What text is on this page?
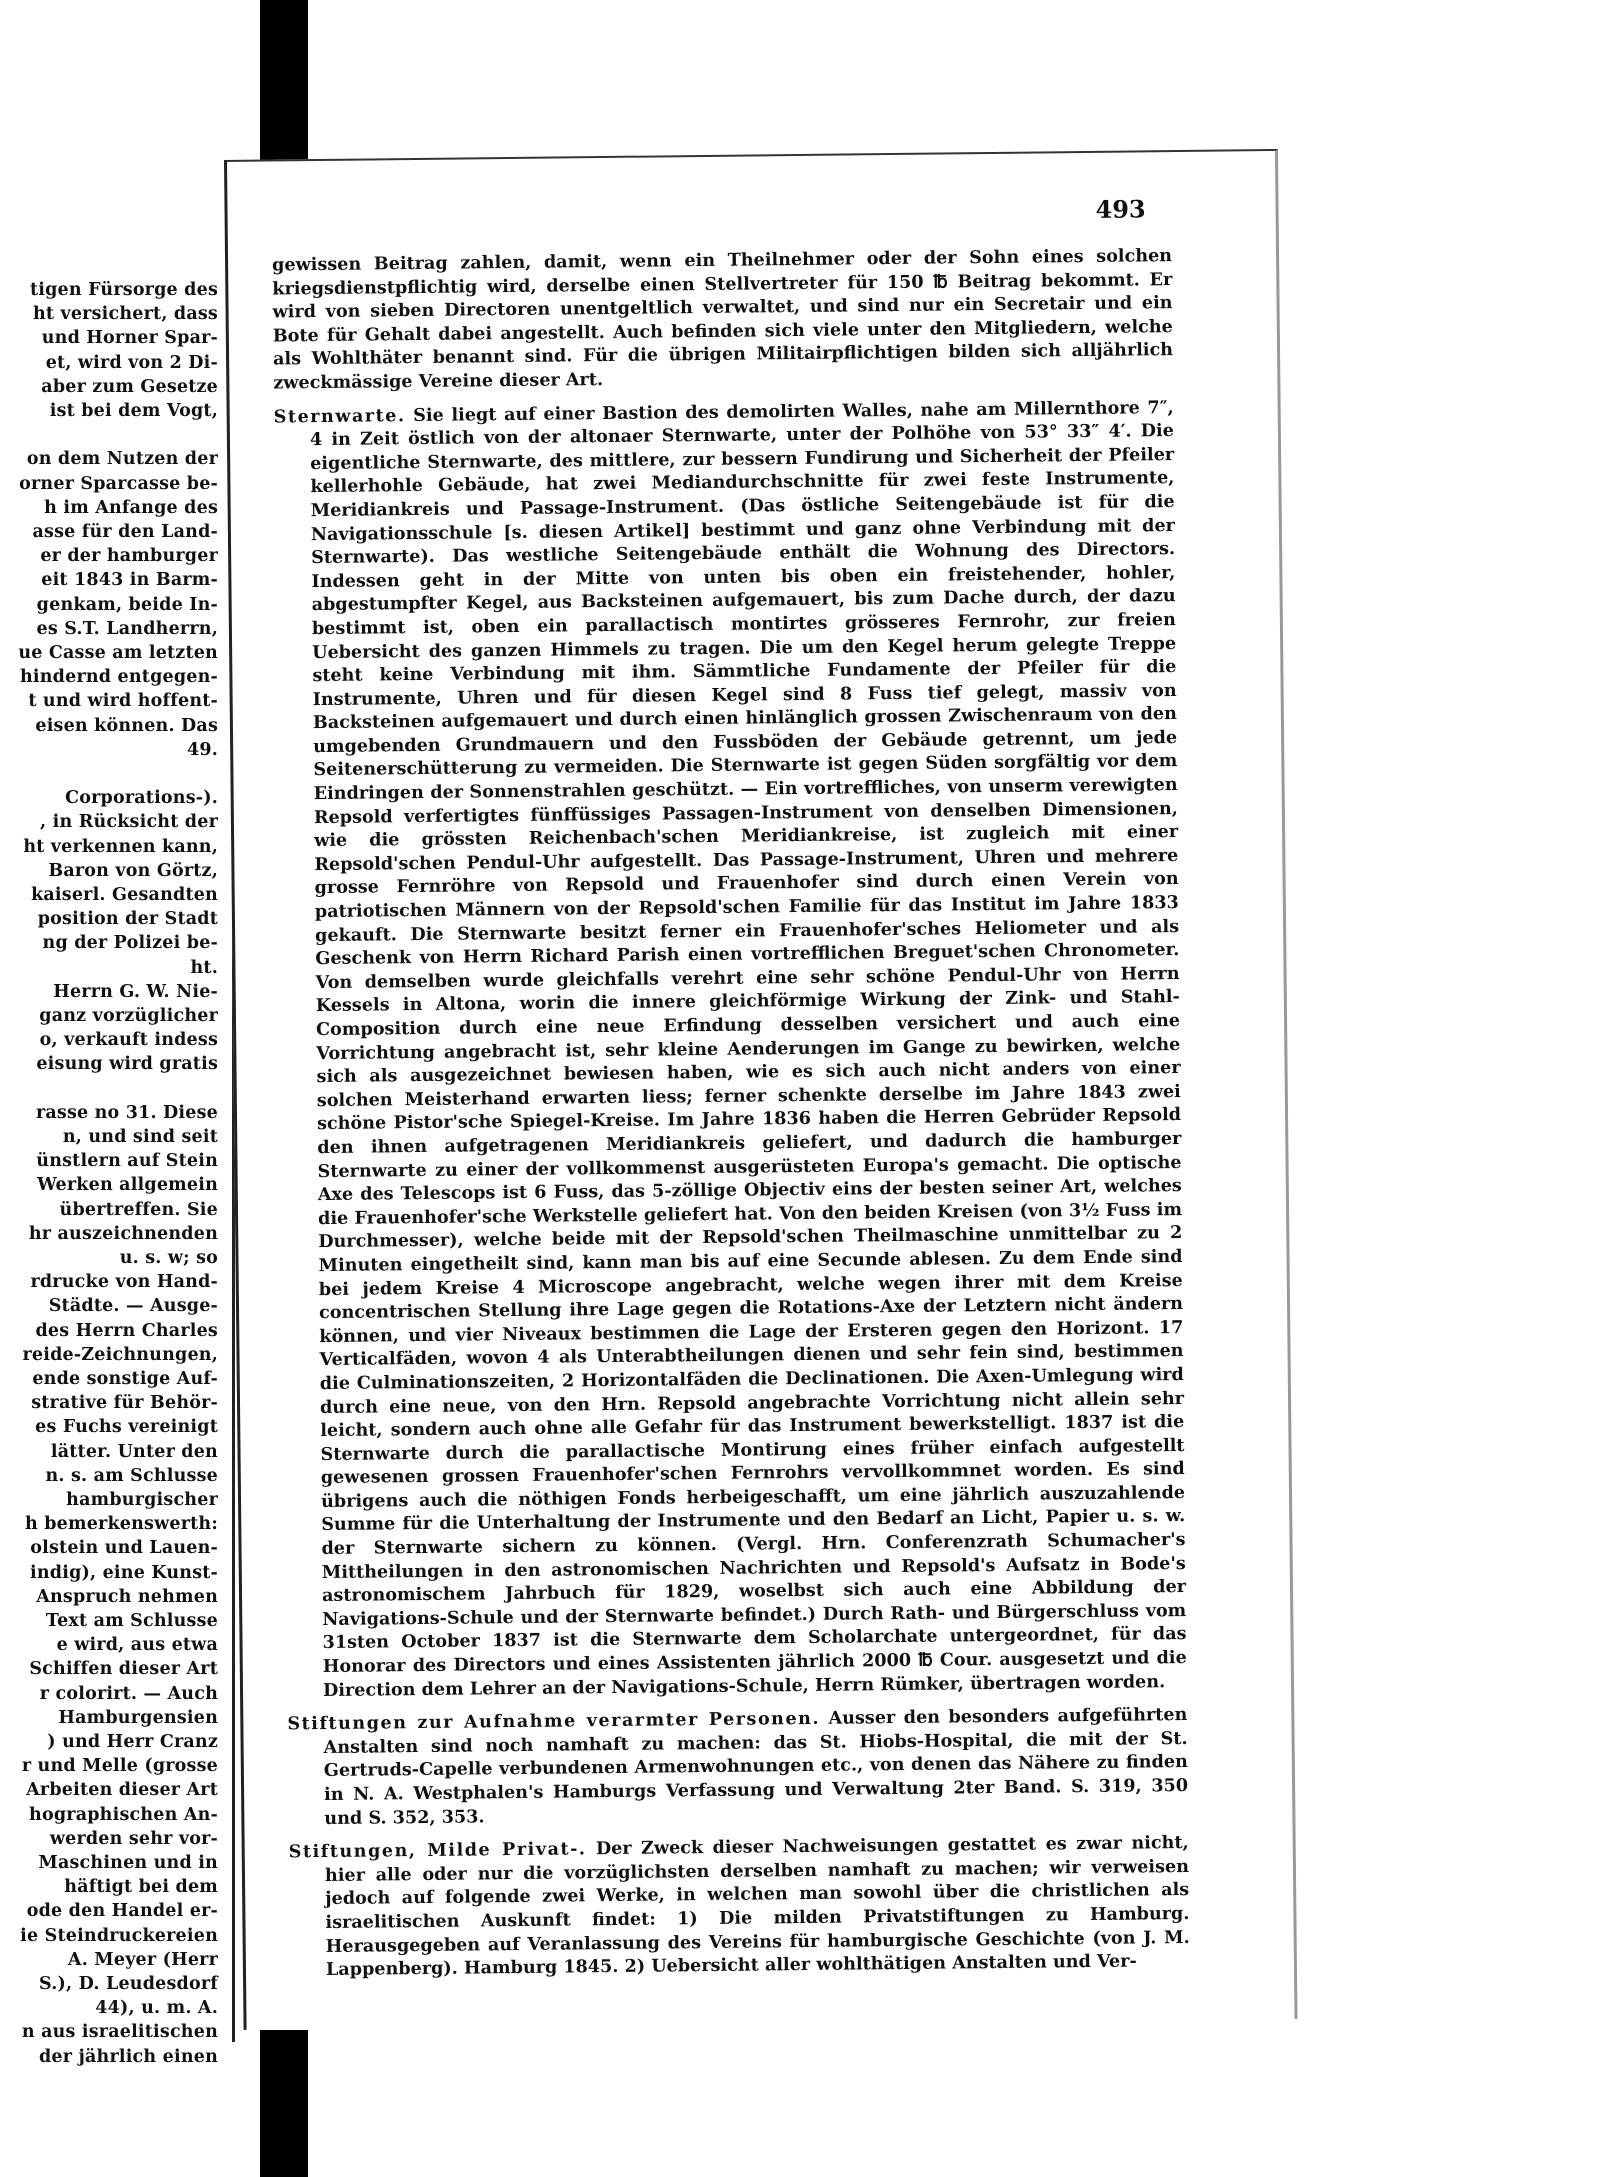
tigen Fürsorge des
ht versichert, dass
und Horner Spar-
et, wird von 2 Di-
aber zum Gesetze
ist bei dem Vogt,
on dem Nutzen der
orner Sparcasse be-
h im Anfange des
asse für den Land-
er der hamburger
eit 1843 in Barm-
genkam, beide In-
es S.T. Landherrn,
ue Casse am letzten
hindernd entgegen-
t und wird hoffent-
eisen können. Das
49.
Corporations-).
, in Rücksicht der
ht verkennen kann,
Baron von Görtz,
kaiserl. Gesandten
position der Stadt
ng der Polizei be-
ht.
Herrn G. W. Nie-
ganz vorzüglicher
o, verkauft indess
eisung wird gratis
rasse no 31. Diese
n, und sind seit
ünstlern auf Stein
Werken allgemein
übertreffen. Sie
hr auszeichnenden
u. s. w; so
rdrucke von Hand-
Städte. — Ausge-
des Herrn Charles
reide-Zeichnungen,
ende sonstige Auf-
strative für Behör-
es Fuchs vereinigt
lätter. Unter den
n. s. am Schlusse
hamburgischer
h bemerkenswerth:
olstein und Lauen-
indig), eine Kunst-
Anspruch nehmen
Text am Schlusse
e wird, aus etwa
Schiffen dieser Art
r colorirt. — Auch
Hamburgensien
) und Herr Cranz
r und Melle (grosse
Arbeiten dieser Art
hographischen An-
werden sehr vor-
Maschinen und in
häftigt bei dem
ode den Handel er-
ie Steindruckereien
A. Meyer (Herr
S.), D. Leudesdorf
44), u. m. A.
n aus israelitischen
der jährlich einen
493

gewissen Beitrag zahlen, damit, wenn ein Theilnehmer oder der Sohn eines solchen kriegsdienstpflichtig wird, derselbe einen Stellvertreter für 150 ℔ Beitrag bekommt. Er wird von sieben Directoren unentgeltlich verwaltet, und sind nur ein Secretair und ein Bote für Gehalt dabei angestellt. Auch befinden sich viele unter den Mitgliedern, welche als Wohlthäter benannt sind. Für die übrigen Militairpflichtigen bilden sich alljährlich zweckmässige Vereine dieser Art.

Sternwarte. Sie liegt auf einer Bastion des demolirten Walles, nahe am Millernthore 7″, 4 in Zeit östlich von der altonaer Sternwarte, unter der Polhöhe von 53° 33″ 4′. Die eigentliche Sternwarte, des mittlere, zur bessern Fundirung und Sicherheit der Pfeiler kellerhohle Gebäude, hat zwei Mediandurchschnitte für zwei feste Instrumente, Meridiankreis und Passage-Instrument. (Das östliche Seitengebäude ist für die Navigationsschule [s. diesen Artikel] bestimmt und ganz ohne Verbindung mit der Sternwarte). Das westliche Seitengebäude enthält die Wohnung des Directors. Indessen geht in der Mitte von unten bis oben ein freistehender, hohler, abgestumpfter Kegel, aus Backsteinen aufgemauert, bis zum Dache durch, der dazu bestimmt ist, oben ein parallactisch montirtes grösseres Fernrohr, zur freien Uebersicht des ganzen Himmels zu tragen. Die um den Kegel herum gelegte Treppe steht keine Verbindung mit ihm. Sämmtliche Fundamente der Pfeiler für die Instrumente, Uhren und für diesen Kegel sind 8 Fuss tief gelegt, massiv von Backsteinen aufgemauert und durch einen hinlänglich grossen Zwischenraum von den umgebenden Grundmauern und den Fussböden der Gebäude getrennt, um jede Seitenerschütterung zu vermeiden. Die Sternwarte ist gegen Süden sorgfältig vor dem Eindringen der Sonnenstrahlen geschützt. — Ein vortreffliches, von unserm verewigten Repsold verfertigtes fünffüssiges Passagen-Instrument von denselben Dimensionen, wie die grössten Reichenbach'schen Meridiankreise, ist zugleich mit einer Repsold'schen Pendul-Uhr aufgestellt. Das Passage-Instrument, Uhren und mehrere grosse Fernröhre von Repsold und Frauenhofer sind durch einen Verein von patriotischen Männern von der Repsold'schen Familie für das Institut im Jahre 1833 gekauft. Die Sternwarte besitzt ferner ein Frauenhofer'sches Heliometer und als Geschenk von Herrn Richard Parish einen vortrefflichen Breguet'schen Chronometer. Von demselben wurde gleichfalls verehrt eine sehr schöne Pendul-Uhr von Herrn Kessels in Altona, worin die innere gleichförmige Wirkung der Zink- und Stahl-Composition durch eine neue Erfindung desselben versichert und auch eine Vorrichtung angebracht ist, sehr kleine Aenderungen im Gange zu bewirken, welche sich als ausgezeichnet bewiesen haben, wie es sich auch nicht anders von einer solchen Meisterhand erwarten liess; ferner schenkte derselbe im Jahre 1843 zwei schöne Pistor'sche Spiegel-Kreise. Im Jahre 1836 haben die Herren Gebrüder Repsold den ihnen aufgetragenen Meridiankreis geliefert, und dadurch die hamburger Sternwarte zu einer der vollkommenst ausgerüsteten Europa's gemacht. Die optische Axe des Telescops ist 6 Fuss, das 5-zöllige Objectiv eins der besten seiner Art, welches die Frauenhofer'sche Werkstelle geliefert hat. Von den beiden Kreisen (von 3½ Fuss im Durchmesser), welche beide mit der Repsold'schen Theilmaschine unmittelbar zu 2 Minuten eingetheilt sind, kann man bis auf eine Secunde ablesen. Zu dem Ende sind bei jedem Kreise 4 Microscope angebracht, welche wegen ihrer mit dem Kreise concentrischen Stellung ihre Lage gegen die Rotations-Axe der Letztern nicht ändern können, und vier Niveaux bestimmen die Lage der Ersteren gegen den Horizont. 17 Verticalfäden, wovon 4 als Unterabtheilungen dienen und sehr fein sind, bestimmen die Culminationszeiten, 2 Horizontalfäden die Declinationen. Die Axen-Umlegung wird durch eine neue, von den Hrn. Repsold angebrachte Vorrichtung nicht allein sehr leicht, sondern auch ohne alle Gefahr für das Instrument bewerkstelligt. 1837 ist die Sternwarte durch die parallactische Montirung eines früher einfach aufgestellt gewesenen grossen Frauenhofer'schen Fernrohrs vervollkommnet worden. Es sind übrigens auch die nöthigen Fonds herbeigeschafft, um eine jährlich auszuzahlende Summe für die Unterhaltung der Instrumente und den Bedarf an Licht, Papier u. s. w. der Sternwarte sichern zu können. (Vergl. Hrn. Conferenzrath Schumacher's Mittheilungen in den astronomischen Nachrichten und Repsold's Aufsatz in Bode's astronomischem Jahrbuch für 1829, woselbst sich auch eine Abbildung der Navigations-Schule und der Sternwarte befindet.) Durch Rath- und Bürgerschluss vom 31sten October 1837 ist die Sternwarte dem Scholarchate untergeordnet, für das Honorar des Directors und eines Assistenten jährlich 2000 ℔ Cour. ausgesetzt und die Direction dem Lehrer an der Navigations-Schule, Herrn Rümker, übertragen worden.

Stiftungen zur Aufnahme verarmter Personen. Ausser den besonders aufgeführten Anstalten sind noch namhaft zu machen: das St. Hiobs-Hospital, die mit der St. Gertruds-Capelle verbundenen Armenwohnungen etc., von denen das Nähere zu finden in N. A. Westphalen's Hamburgs Verfassung und Verwaltung 2ter Band. S. 319, 350 und S. 352, 353.

Stiftungen, Milde Privat-. Der Zweck dieser Nachweisungen gestattet es zwar nicht, hier alle oder nur die vorzüglichsten derselben namhaft zu machen; wir verweisen jedoch auf folgende zwei Werke, in welchen man sowohl über die christlichen als israelitischen Auskunft findet: 1) Die milden Privatstiftungen zu Hamburg. Herausgegeben auf Veranlassung des Vereins für hamburgische Geschichte (von J. M. Lappenberg). Hamburg 1845. 2) Uebersicht aller wohlthätigen Anstalten und Ver-
